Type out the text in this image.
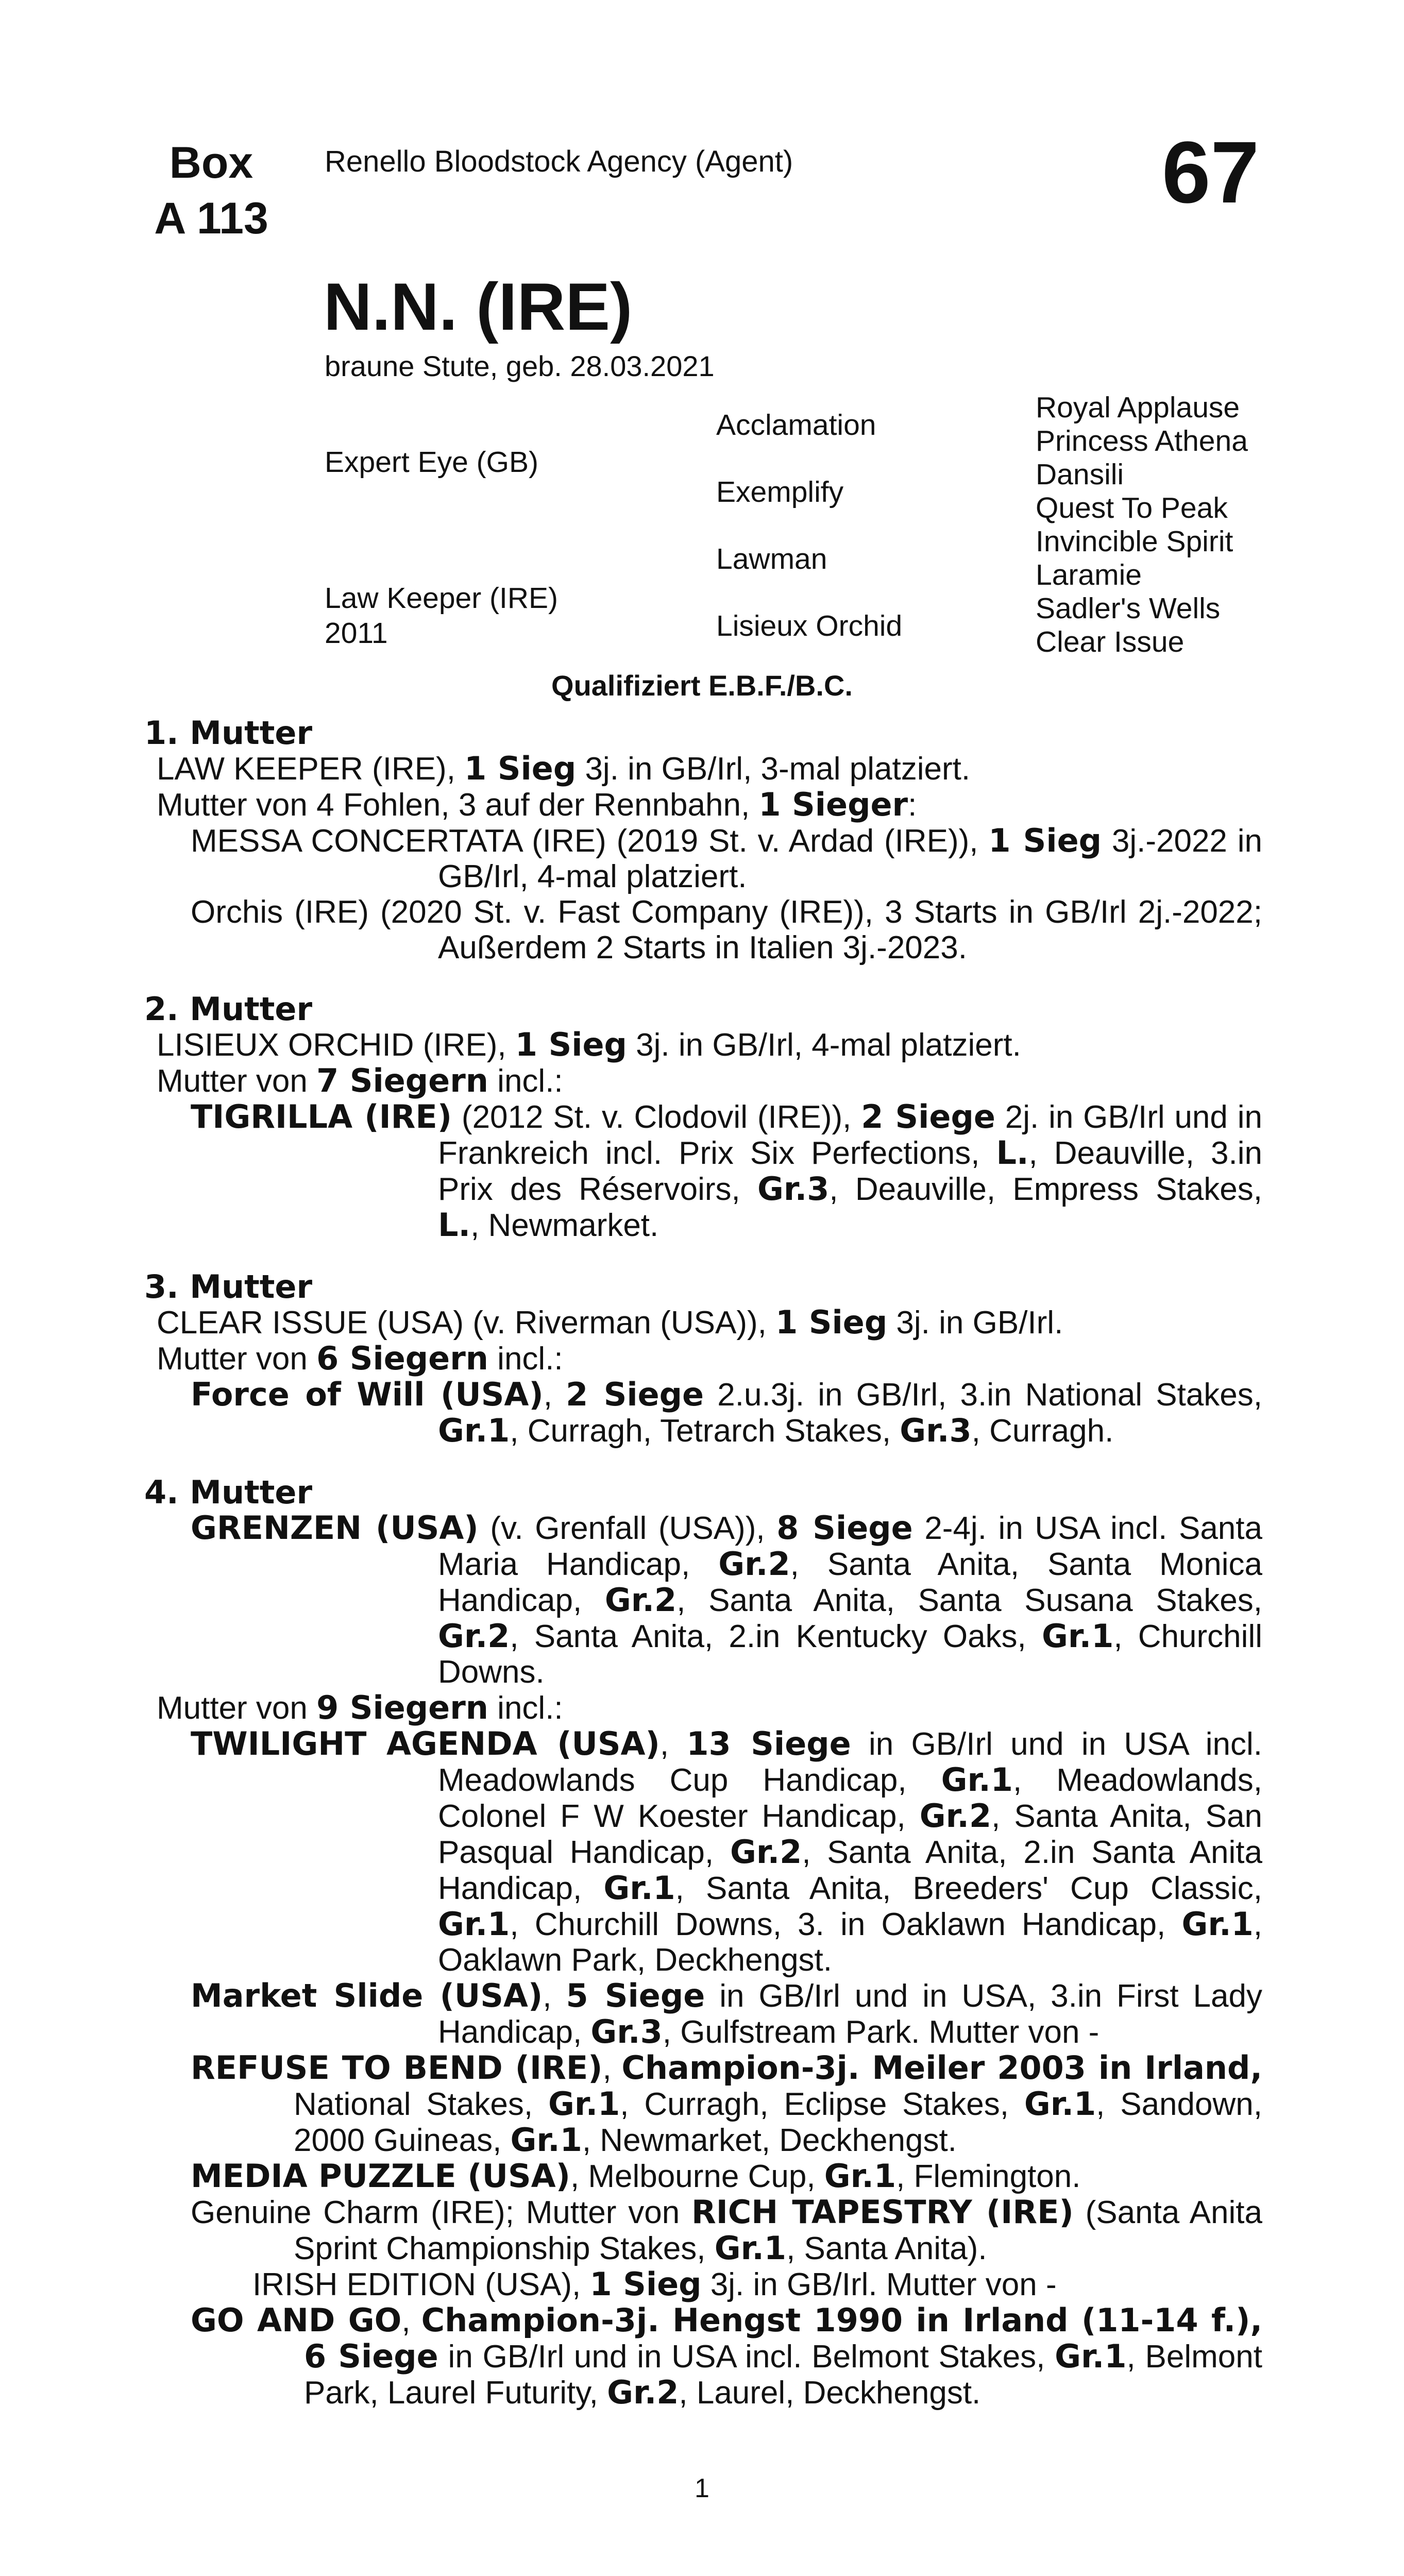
Box
A 113
Renello Bloodstock Agency (Agent)	67
N.N. (IRE)
braune Stute, geb. 28.03.2021
Expert Eye (GB)
Law Keeper (IRE)
2011
Acclamation
Exemplify
Lawman
Lisieux Orchid
Royal Applause
Princess Athena
Dansili
Quest To Peak
Invincible Spirit
Laramie
Sadler's Wells
Clear Issue
Qualifiziert E.B.F./B.C.
1. Mutter
LAW KEEPER (IRE), 1 Sieg 3j. in GB/Irl, 3-mal platziert.
Mutter von 4 Fohlen, 3 auf der Rennbahn, 1 Sieger:
MESSA CONCERTATA (IRE) (2019 St. v. Ardad (IRE)), 1 Sieg 3j.-2022 in GB/Irl, 4-mal platziert.
Orchis (IRE) (2020 St. v. Fast Company (IRE)), 3 Starts in GB/Irl 2j.-2022; Außerdem 2 Starts in Italien 3j.-2023.
2. Mutter
LISIEUX ORCHID (IRE), 1 Sieg 3j. in GB/Irl, 4-mal platziert.
Mutter von 7 Siegern incl.:
TIGRILLA (IRE) (2012 St. v. Clodovil (IRE)), 2 Siege 2j. in GB/Irl und in Frankreich incl. Prix Six Perfections, L., Deauville, 3.in Prix des Réservoirs, Gr.3, Deauville, Empress Stakes, L., Newmarket.
3. Mutter
CLEAR ISSUE (USA) (v. Riverman (USA)), 1 Sieg 3j. in GB/Irl.
Mutter von 6 Siegern incl.:
Force of Will (USA), 2 Siege 2.u.3j. in GB/Irl, 3.in National Stakes, Gr.1, Curragh, Tetrarch Stakes, Gr.3, Curragh.
4. Mutter
GRENZEN (USA) (v. Grenfall (USA)), 8 Siege 2-4j. in USA incl. Santa Maria Handicap, Gr.2, Santa Anita, Santa Monica Handicap, Gr.2, Santa Anita, Santa Susana Stakes, Gr.2, Santa Anita, 2.in Kentucky Oaks, Gr.1, Churchill Downs.
Mutter von 9 Siegern incl.:
TWILIGHT AGENDA (USA), 13 Siege in GB/Irl und in USA incl. Meadowlands Cup Handicap, Gr.1, Meadowlands, Colonel F W Koester Handicap, Gr.2, Santa Anita, San Pasqual Handicap, Gr.2, Santa Anita, 2.in Santa Anita Handicap, Gr.1, Santa Anita, Breeders' Cup Classic, Gr.1, Churchill Downs, 3. in Oaklawn Handicap, Gr.1, Oaklawn Park, Deckhengst.
Market Slide (USA), 5 Siege in GB/Irl und in USA, 3.in First Lady Handicap, Gr.3, Gulfstream Park. Mutter von -
REFUSE TO BEND (IRE), Champion-3j. Meiler 2003 in Irland, National Stakes, Gr.1, Curragh, Eclipse Stakes, Gr.1, Sandown, 2000 Guineas, Gr.1, Newmarket, Deckhengst.
MEDIA PUZZLE (USA), Melbourne Cup, Gr.1, Flemington.
Genuine Charm (IRE); Mutter von RICH TAPESTRY (IRE) (Santa Anita Sprint Championship Stakes, Gr.1, Santa Anita).
IRISH EDITION (USA), 1 Sieg 3j. in GB/Irl. Mutter von -
GO AND GO, Champion-3j. Hengst 1990 in Irland (11-14 f.), 6 Siege in GB/Irl und in USA incl. Belmont Stakes, Gr.1, Belmont Park, Laurel Futurity, Gr.2, Laurel, Deckhengst.
1
